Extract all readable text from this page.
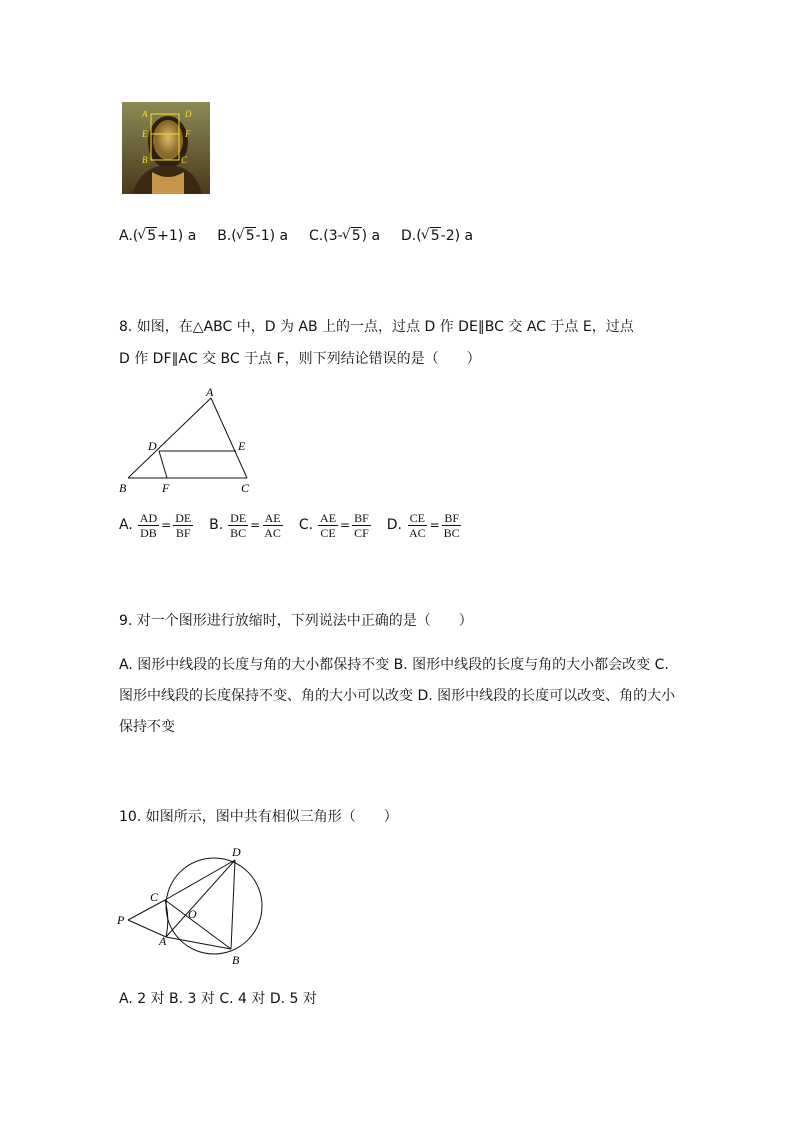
A	D
E	F
B	C
A.( √ 5+1) a B.( √ 5-1) a C.(3- √ 5) a D.( √ 5-2) a
8. 如图，在△ABC 中，D 为 AB 上的一点，过点 D 作 DE∥BC 交 AC 于点 E，过点
D 作 DF∥AC 交 BC 于点 F，则下列结论错误的是（　　）
A
D	E
B	F	C
A. $\frac{AD}{DB} = \frac{DE}{BF} B$. $\frac{DE}{BC} = \frac{AE}{AC} C$. $\frac{AE}{CE} = \frac{BF}{CF} D$. $\frac{CE}{AC} = \frac{BF}{BC}$
9. 对一个图形进行放缩时，下列说法中正确的是（　　）
A. 图形中线段的长度与角的大小都保持不变 B. 图形中线段的长度与角的大小都会改变 C. 图形中线段的长度保持不变、角的大小可以改变 D. 图形中线段的长度可以改变、角的大小保持不变
10. 如图所示，图中共有相似三角形（　　）
D
C
P	O
A
B
A. 2 对 B. 3 对 C. 4 对 D. 5 对
